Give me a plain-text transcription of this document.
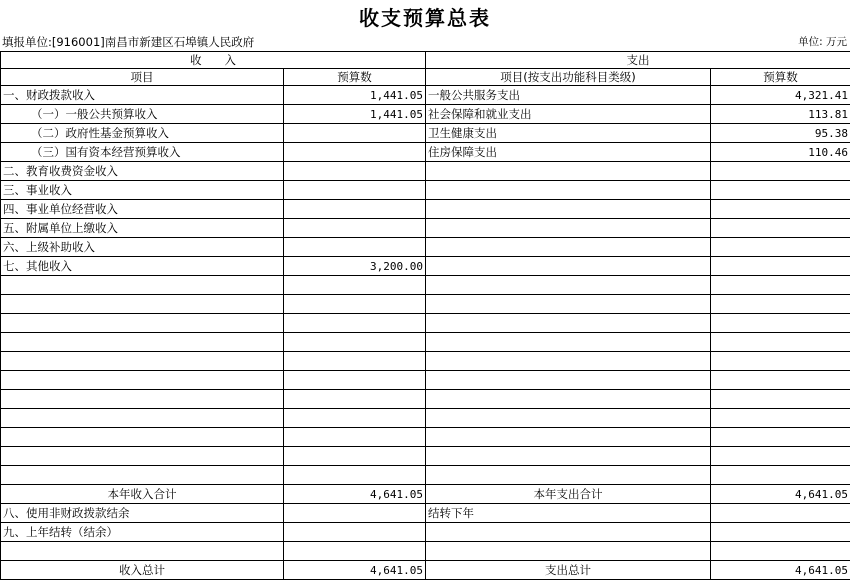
收支预算总表
填报单位:[916001]南昌市新建区石埠镇人民政府	单位: 万元
收　　入		支出	
项目	预算数	项目(按支出功能科目类级)	预算数
一、财政拨款收入	1,441.05	一般公共服务支出	4,321.41
（一）一般公共预算收入	1,441.05	社会保障和就业支出	113.81
（二）政府性基金预算收入		卫生健康支出	95.38
（三）国有资本经营预算收入		住房保障支出	110.46
二、教育收费资金收入			
三、事业收入			
四、事业单位经营收入			
五、附属单位上缴收入			
六、上级补助收入			
七、其他收入	3,200.00		

本年收入合计	4,641.05	本年支出合计	4,641.05
八、使用非财政拨款结余		结转下年	
九、上年结转（结余）			

收入总计	4,641.05	支出总计	4,641.05
